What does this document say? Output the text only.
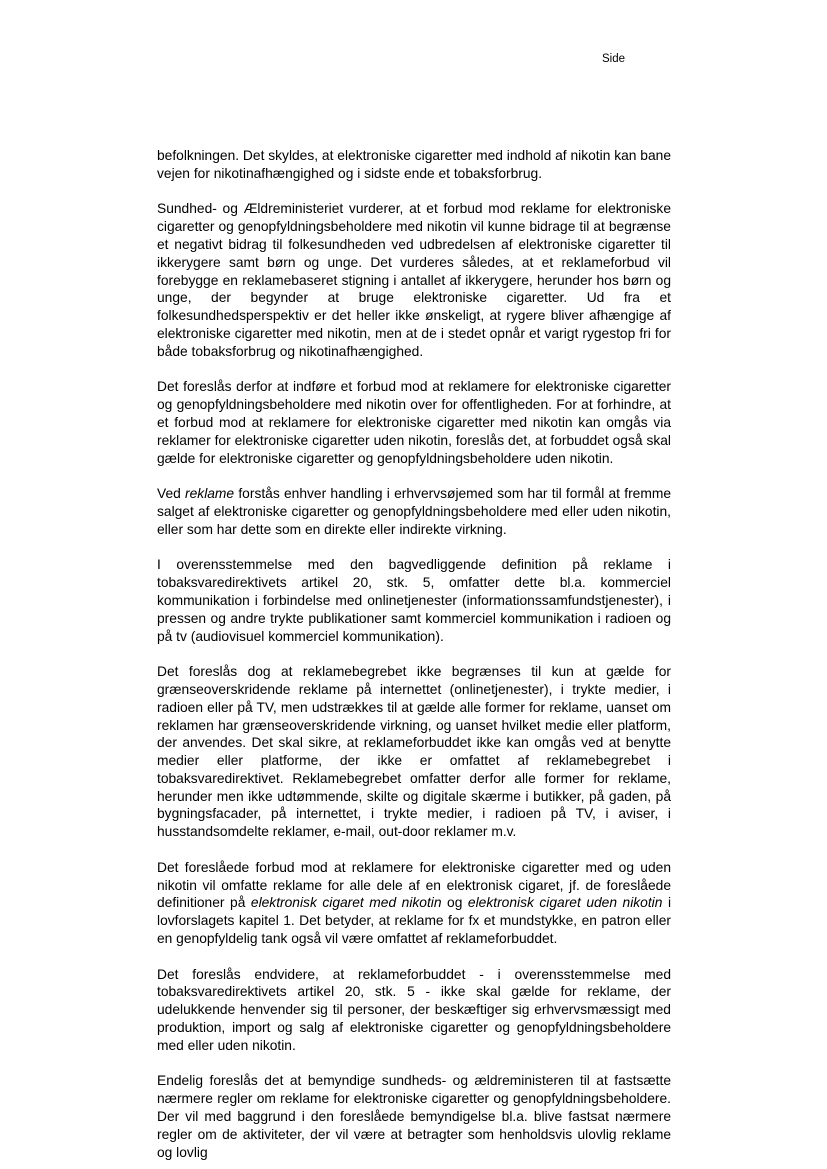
Side

befolkningen. Det skyldes, at elektroniske cigaretter med indhold af nikotin kan bane vejen for nikotinafhængighed og i sidste ende et tobaksforbrug.

Sundhed- og Ældreministeriet vurderer, at et forbud mod reklame for elektroniske cigaretter og genopfyldningsbeholdere med nikotin vil kunne bidrage til at begrænse et negativt bidrag til folkesundheden ved udbredelsen af elektroniske cigaretter til ikkerygere samt børn og unge. Det vurderes således, at et reklameforbud vil forebygge en reklamebaseret stigning i antallet af ikkerygere, herunder hos børn og unge, der begynder at bruge elektroniske cigaretter. Ud fra et folkesundhedsperspektiv er det heller ikke ønskeligt, at rygere bliver afhængige af elektroniske cigaretter med nikotin, men at de i stedet opnår et varigt rygestop fri for både tobaksforbrug og nikotinafhængighed.

Det foreslås derfor at indføre et forbud mod at reklamere for elektroniske cigaretter og genopfyldningsbeholdere med nikotin over for offentligheden. For at forhindre, at et forbud mod at reklamere for elektroniske cigaretter med nikotin kan omgås via reklamer for elektroniske cigaretter uden nikotin, foreslås det, at forbuddet også skal gælde for elektroniske cigaretter og genopfyldningsbeholdere uden nikotin.

Ved reklame forstås enhver handling i erhvervsøjemed som har til formål at fremme salget af elektroniske cigaretter og genopfyldningsbeholdere med eller uden nikotin, eller som har dette som en direkte eller indirekte virkning.

I overensstemmelse med den bagvedliggende definition på reklame i tobaksvaredirektivets artikel 20, stk. 5, omfatter dette bl.a. kommerciel kommunikation i forbindelse med onlinetjenester (informationssamfundstjenester), i pressen og andre trykte publikationer samt kommerciel kommunikation i radioen og på tv (audiovisuel kommerciel kommunikation).

Det foreslås dog at reklamebegrebet ikke begrænses til kun at gælde for grænseoverskridende reklame på internettet (onlinetjenester), i trykte medier, i radioen eller på TV, men udstrækkes til at gælde alle former for reklame, uanset om reklamen har grænseoverskridende virkning, og uanset hvilket medie eller platform, der anvendes. Det skal sikre, at reklameforbuddet ikke kan omgås ved at benytte medier eller platforme, der ikke er omfattet af reklamebegrebet i tobaksvaredirektivet. Reklamebegrebet omfatter derfor alle former for reklame, herunder men ikke udtømmende, skilte og digitale skærme i butikker, på gaden, på bygningsfacader, på internettet, i trykte medier, i radioen på TV, i aviser, i husstandsomdelte reklamer, e-mail, out-door reklamer m.v.

Det foreslåede forbud mod at reklamere for elektroniske cigaretter med og uden nikotin vil omfatte reklame for alle dele af en elektronisk cigaret, jf. de foreslåede definitioner på elektronisk cigaret med nikotin og elektronisk cigaret uden nikotin i lovforslagets kapitel 1. Det betyder, at reklame for fx et mundstykke, en patron eller en genopfyldelig tank også vil være omfattet af reklameforbuddet.

Det foreslås endvidere, at reklameforbuddet - i overensstemmelse med tobaksvaredirektivets artikel 20, stk. 5 - ikke skal gælde for reklame, der udelukkende henvender sig til personer, der beskæftiger sig erhvervsmæssigt med produktion, import og salg af elektroniske cigaretter og genopfyldningsbeholdere med eller uden nikotin.

Endelig foreslås det at bemyndige sundheds- og ældreministeren til at fastsætte nærmere regler om reklame for elektroniske cigaretter og genopfyldningsbeholdere. Der vil med baggrund i den foreslåede bemyndigelse bl.a. blive fastsat nærmere regler om de aktiviteter, der vil være at betragter som henholdsvis ulovlig reklame og lovlig
